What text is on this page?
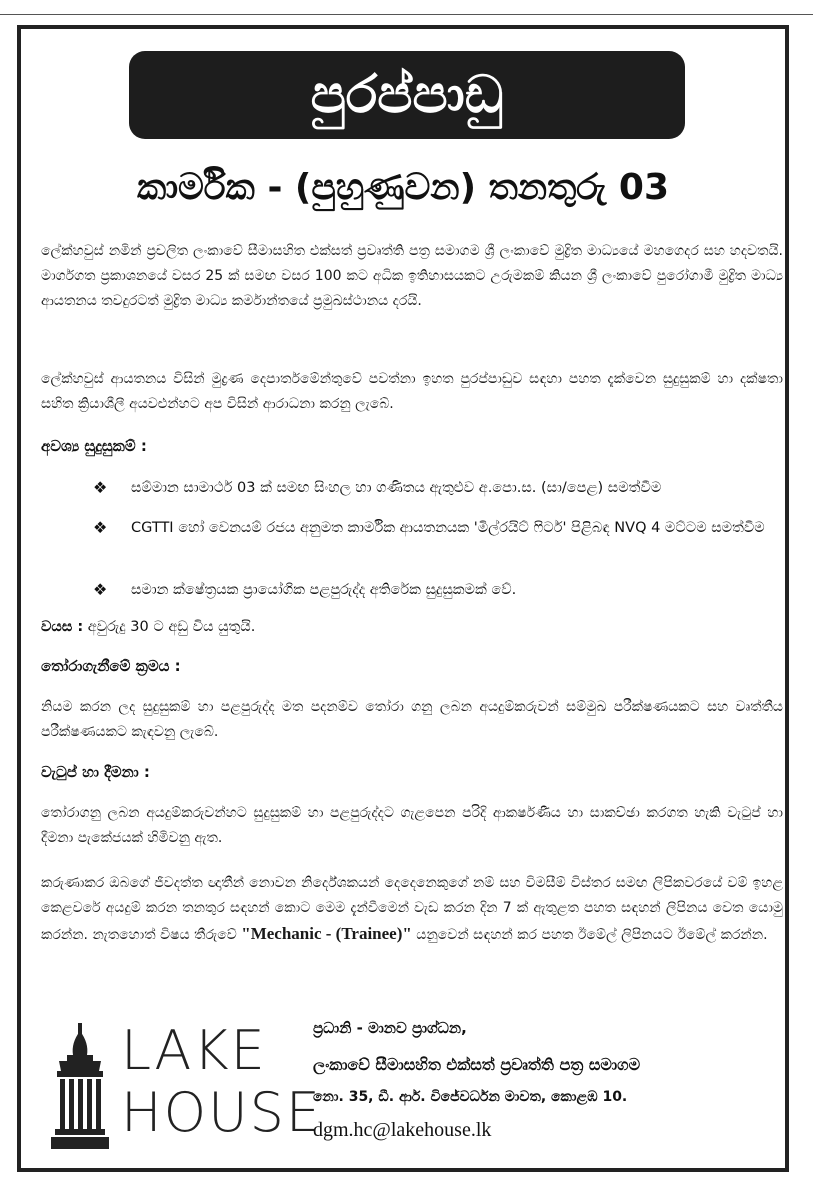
පුරප්පාඩු
කාර්මික - (පුහුණුවන) තනතුරු 03
ලේක්හවුස් නමින් ප්‍රචලිත ලංකාවේ සීමාසහිත එක්සත් ප්‍රවෘත්ති පත්‍ර සමාගම ශ්‍රී ලංකාවේ මුද්‍රිත මාධ්‍යයේ මහගෙදර සහ හදවතයි. මාර්ගගත ප්‍රකාශනයේ වසර 25 ක් සමඟ වසර 100 කට අධික ඉතිහාසයකට උරුමකම් කියන ශ්‍රී ලංකාවේ පුරෝගාමී මුද්‍රිත මාධ්‍ය ආයතනය තවදුරටත් මුද්‍රිත මාධ්‍ය කර්මාන්තයේ ප්‍රමුඛස්ථානය දරයි.
ලේක්හවුස් ආයතනය විසින් මුද්‍රණ දෙපාර්තමේන්තුවේ පවත්නා ඉහත පුරප්පාඩුව සඳහා පහත දැක්වෙන සුදුසුකම් හා දක්ෂතා සහිත ක්‍රියාශීලී අයවළුන්හට අප විසින් ආරාධනා කරනු ලැබේ.
අවශ්‍ය සුදුසුකම් :
❖ සම්මාන සාමාර්ථ 03 ක් සමඟ සිංහල හා ගණිතය ඇතුළුව අ.පො.ස. (සා/පෙළ) සමත්වීම
❖ CGTTI හෝ වෙනයම් රජය අනුමත කාර්මික ආයතනයක 'මිල්රයිට් ෆිටර්' පිළිබඳ NVQ 4 මට්ටම සමත්වීම
❖ සමාන ක්ෂේත්‍රයක ප්‍රායෝගික පළපුරුද්ද අතිරේක සුදුසුකමක් වේ.
වයස : අවුරුදු 30 ට අඩු විය යුතුයි.
තෝරාගැනීමේ ක්‍රමය :
නියම කරන ලද සුදුසුකම් හා පළපුරුද්ද මත පදනම්ව තෝරා ගනු ලබන අයදුම්කරුවන් සම්මුඛ පරීක්ෂණයකට සහ වෘත්තීය පරීක්ෂණයකට කැඳවනු ලැබේ.
වැටුප් හා දීමනා :
තෝරාගනු ලබන අයදුම්කරුවන්හට සුදුසුකම් හා පළපුරුද්දට ගැළපෙන පරිදි ආකර්ෂණීය හා සාකච්ඡා කරගත හැකි වැටුප් හා දීමනා පැකේජයක් හිමිවනු ඇත.
කරුණාකර ඔබගේ ජීවදත්ත ඥාතීන් නොවන නිර්දේශකයන් දෙදෙනෙකුගේ නම් සහ විමසීම් විස්තර සමඟ ලිපිකවරයේ වම් ඉහළ කෙළවරේ අයදුම් කරන තනතුර සඳහන් කොට මෙම දැන්වීමෙන් වැඩ කරන දින 7 ක් ඇතුළත පහත සඳහන් ලිපිනය වෙත යොමු කරන්න. නැතහොත් විෂය තීරුවේ "Mechanic - (Trainee)" යනුවෙන් සඳහන් කර පහත ඊමේල් ලිපිනයට ඊමේල් කරන්න.
LAKE
HOUSE
ප්‍රධානි - මානව ප්‍රාග්ධන,
ලංකාවේ සීමාසහිත එක්සත් ප්‍රවෘත්ති පත්‍ර සමාගම
නො. 35, ඩී. ආර්. විජේවර්ධන මාවත, කොළඹ 10.
dgm.hc@lakehouse.lk
